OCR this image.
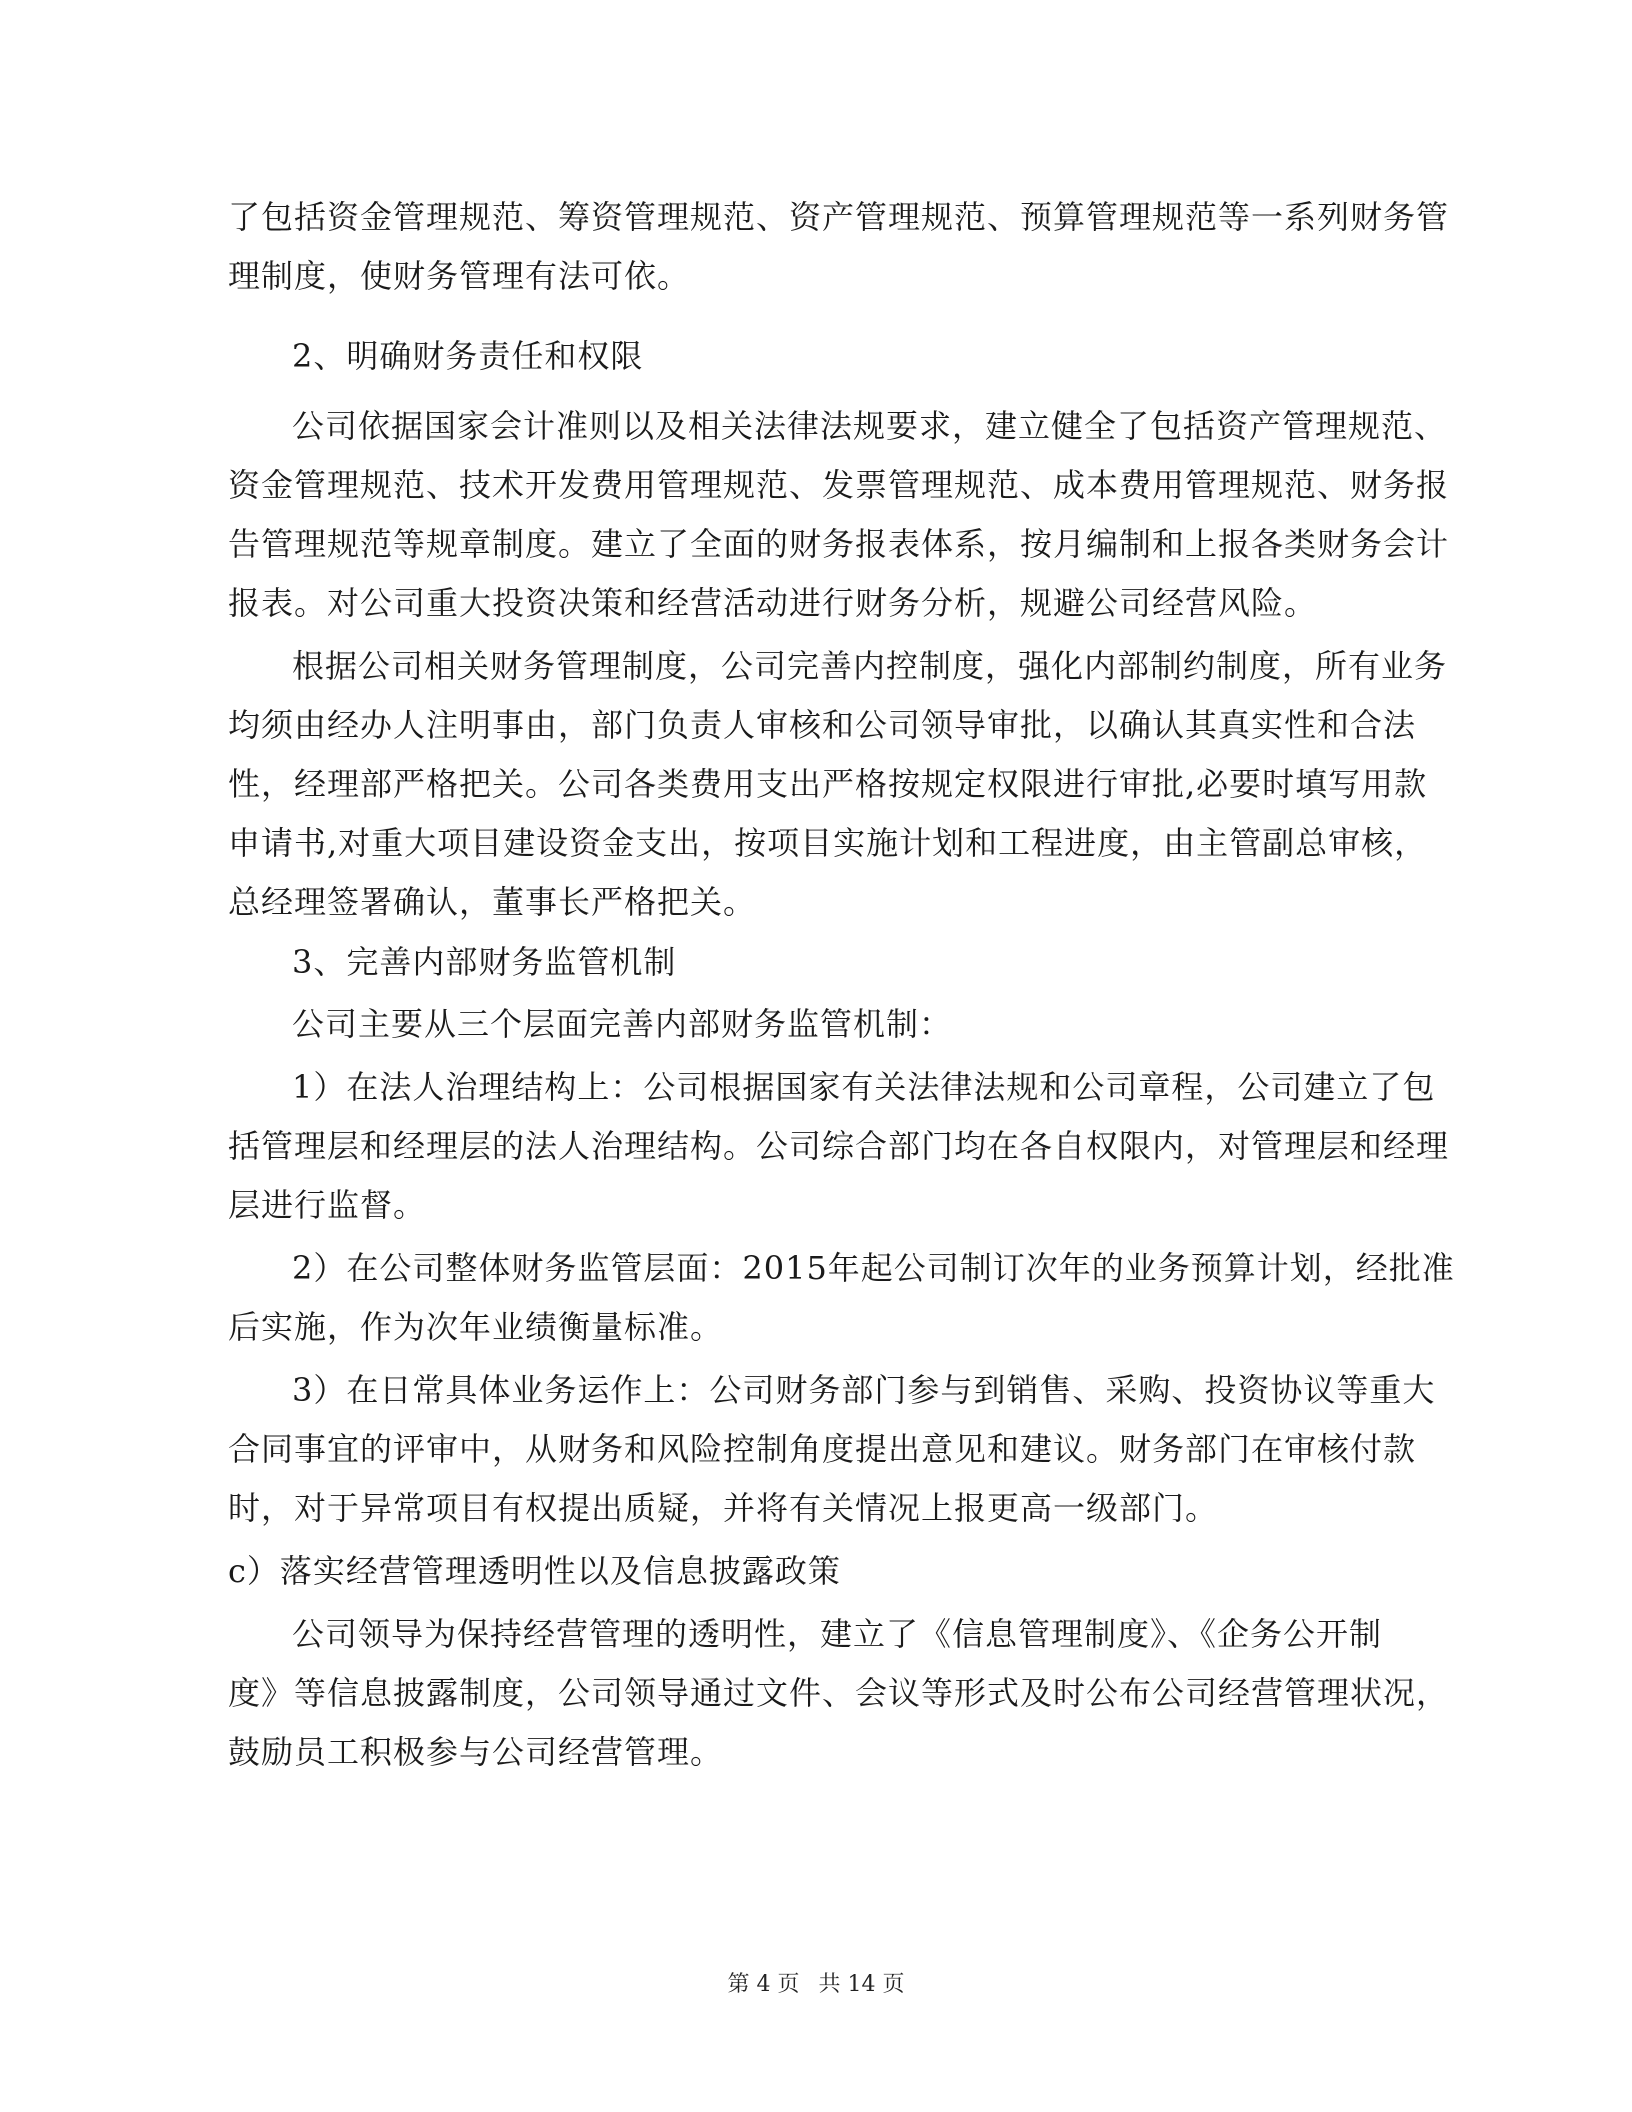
了包括资金管理规范、筹资管理规范、资产管理规范、预算管理规范等一系列财务管
理制度，使财务管理有法可依。
2、明确财务责任和权限
公司依据国家会计准则以及相关法律法规要求，建立健全了包括资产管理规范、
资金管理规范、技术开发费用管理规范、发票管理规范、成本费用管理规范、财务报
告管理规范等规章制度。建立了全面的财务报表体系，按月编制和上报各类财务会计
报表。对公司重大投资决策和经营活动进行财务分析，规避公司经营风险。
根据公司相关财务管理制度，公司完善内控制度，强化内部制约制度，所有业务
均须由经办人注明事由，部门负责人审核和公司领导审批，以确认其真实性和合法
性，经理部严格把关。公司各类费用支出严格按规定权限进行审批,必要时填写用款
申请书,对重大项目建设资金支出，按项目实施计划和工程进度，由主管副总审核，
总经理签署确认，董事长严格把关。
3、完善内部财务监管机制
公司主要从三个层面完善内部财务监管机制：
1）在法人治理结构上：公司根据国家有关法律法规和公司章程，公司建立了包
括管理层和经理层的法人治理结构。公司综合部门均在各自权限内，对管理层和经理
层进行监督。
2）在公司整体财务监管层面：2015年起公司制订次年的业务预算计划，经批准
后实施，作为次年业绩衡量标准。
3）在日常具体业务运作上：公司财务部门参与到销售、采购、投资协议等重大
合同事宜的评审中，从财务和风险控制角度提出意见和建议。财务部门在审核付款
时，对于异常项目有权提出质疑，并将有关情况上报更高一级部门。
c）落实经营管理透明性以及信息披露政策
公司领导为保持经营管理的透明性，建立了《信息管理制度》、《企务公开制
度》等信息披露制度，公司领导通过文件、会议等形式及时公布公司经营管理状况，
鼓励员工积极参与公司经营管理。
第 4 页 共 14 页
